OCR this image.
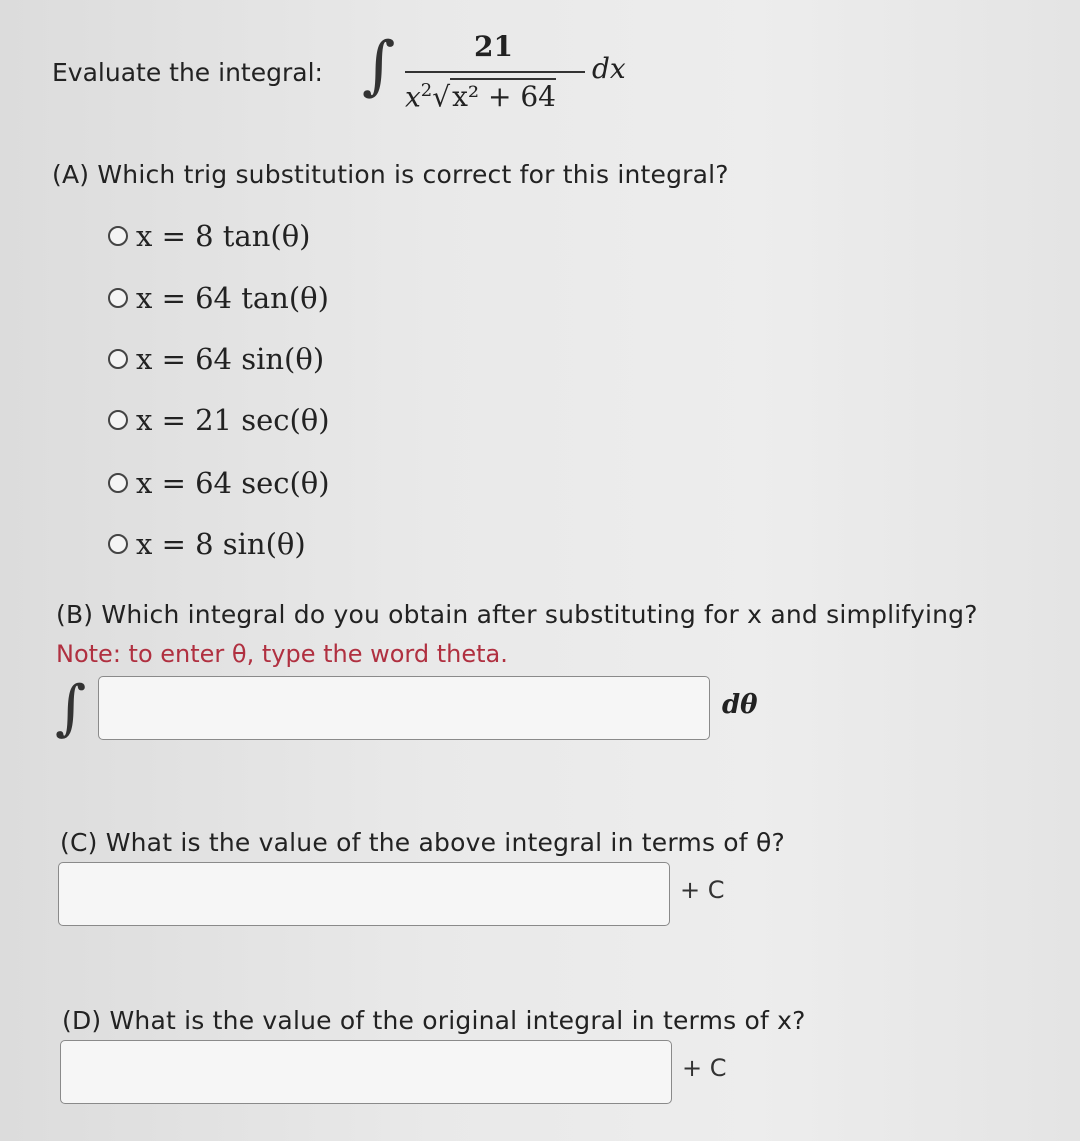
Evaluate the integral: ∫	21
$x^2√x^2 + 64$
dx
(A) Which trig substitution is correct for this integral?
x = 8 tan(θ)
x = 64 tan(θ)
x = 64 sin(θ)
x = 21 sec(θ)
x = 64 sec(θ)
x = 8 sin(θ)
(B) Which integral do you obtain after substituting for x and simplifying?
Note: to enter θ, type the word theta.
∫	dθ
(C) What is the value of the above integral in terms of θ?
+ C
(D) What is the value of the original integral in terms of x?
+ C
